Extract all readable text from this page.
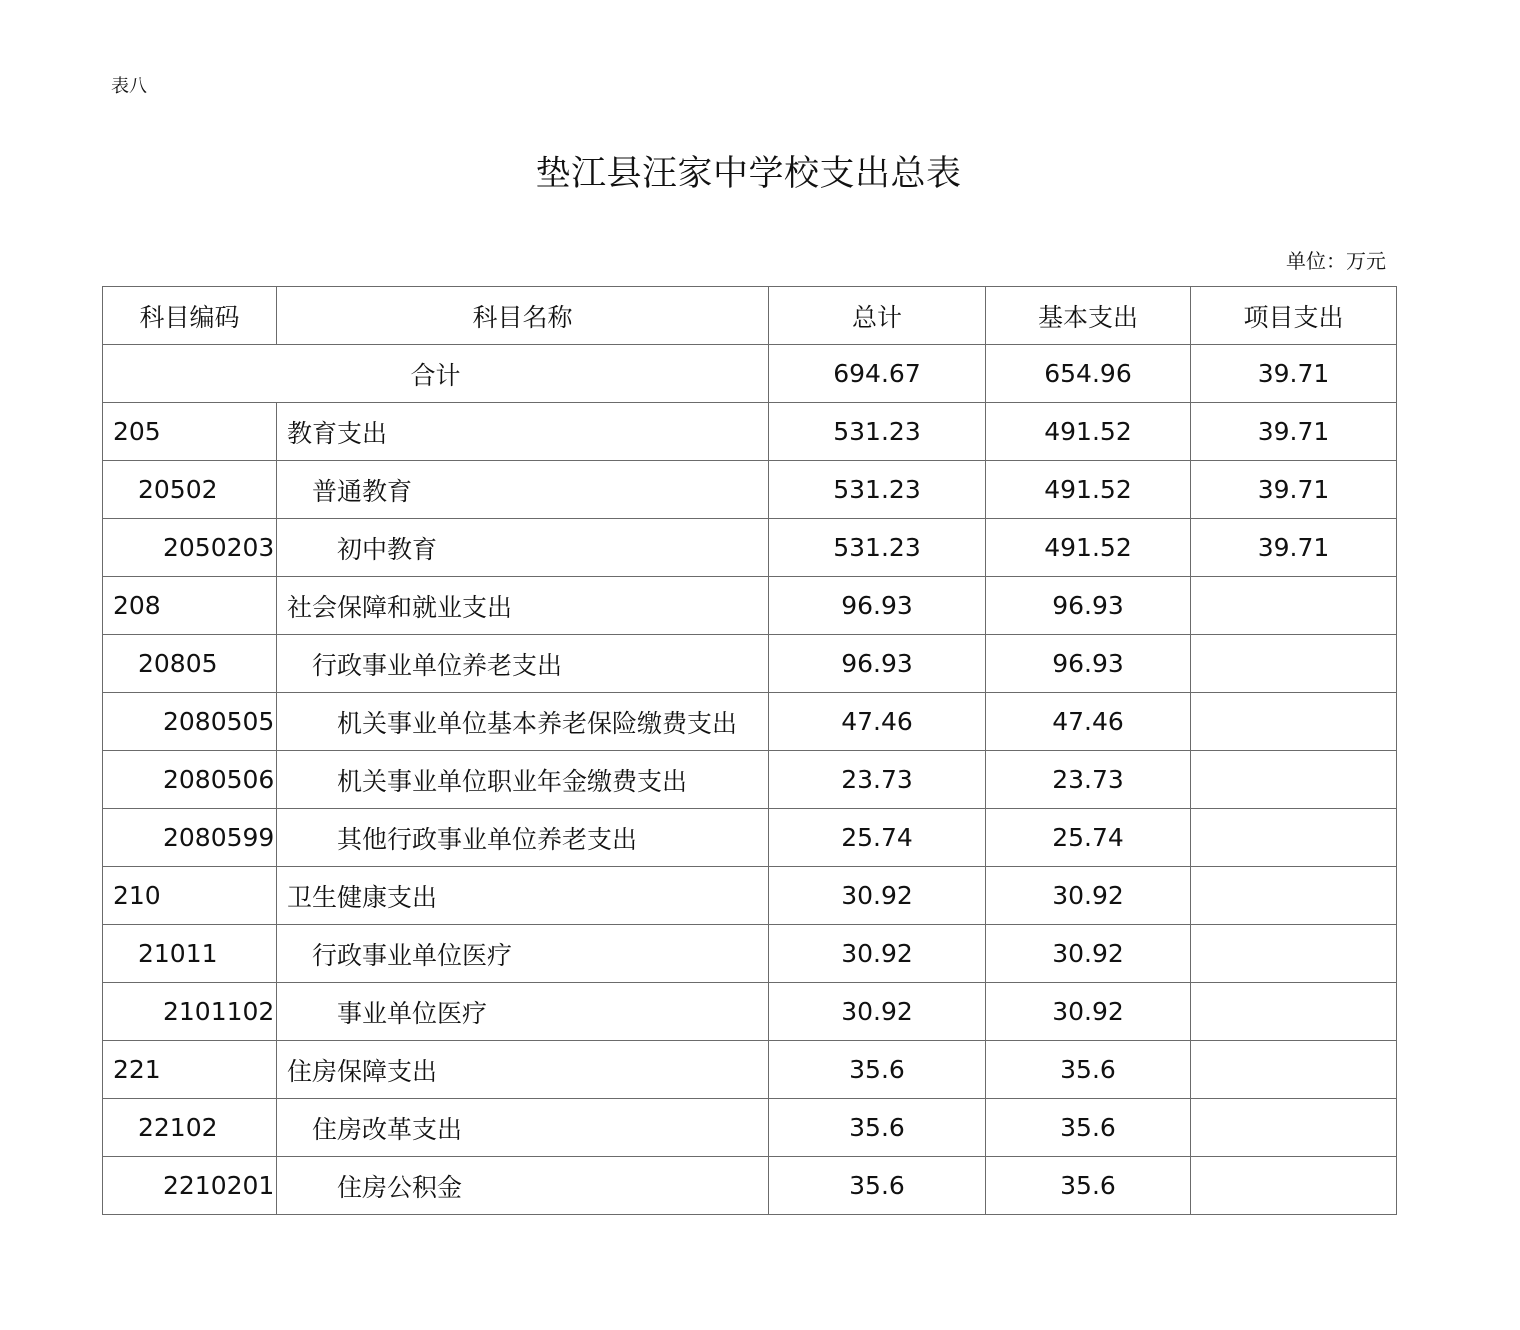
表八
垫江县汪家中学校支出总表
单位：万元
科目编码	科目名称	总计	基本支出	项目支出
合计		694.67	654.96	39.71
205	教育支出	531.23	491.52	39.71
20502	普通教育	531.23	491.52	39.71
2050203	初中教育	531.23	491.52	39.71
208	社会保障和就业支出	96.93	96.93	
20805	行政事业单位养老支出	96.93	96.93	
2080505	机关事业单位基本养老保险缴费支出	47.46	47.46	
2080506	机关事业单位职业年金缴费支出	23.73	23.73	
2080599	其他行政事业单位养老支出	25.74	25.74	
210	卫生健康支出	30.92	30.92	
21011	行政事业单位医疗	30.92	30.92	
2101102	事业单位医疗	30.92	30.92	
221	住房保障支出	35.6	35.6	
22102	住房改革支出	35.6	35.6	
2210201	住房公积金	35.6	35.6	
